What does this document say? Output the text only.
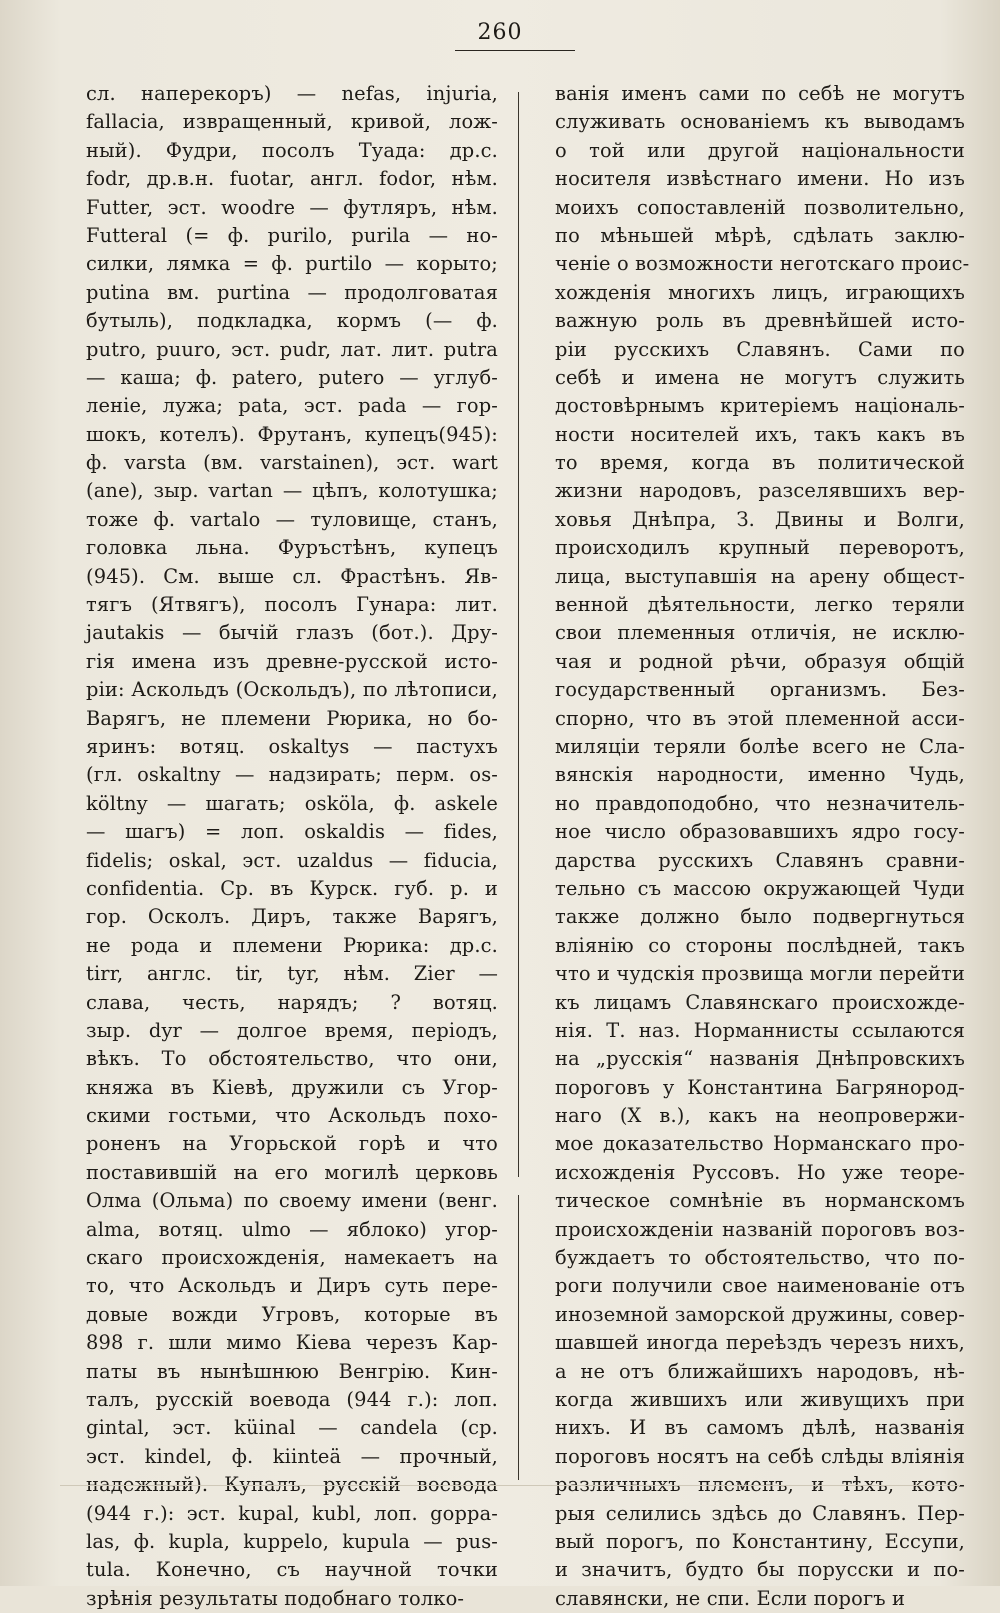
260
сл. наперекоръ) — nefas, injuria,
fallacia, извращенный, кривой, лож-
ный). Фудри, посолъ Туада: др.с.
fodr, др.в.н. fuotar, англ. fodor, нѣм.
Futter, эст. woodre — футляръ, нѣм.
Futteral (= ф. purilo, purila — но-
силки, лямка = ф. purtilo — корыто;
putina вм. purtina — продолговатая
бутыль), подкладка, кормъ (— ф.
putro, puuro, эст. pudr, лат. лит. putra
— каша; ф. patero, putero — углуб-
леніе, лужа; pata, эст. pada — гор-
шокъ, котелъ). Фрутанъ, купецъ(945):
ф. varsta (вм. varstainen), эст. wart
(ane), зыр. vartan — цѣпъ, колотушка;
тоже ф. vartalo — туловище, станъ,
головка льна. Фуръстѣнъ, купецъ
(945). См. выше сл. Фрастѣнъ. Яв-
тягъ (Ятвягъ), посолъ Гунара: лит.
jautakis — бычій глазъ (бот.). Дру-
гія имена изъ древне-русской исто-
ріи: Аскольдъ (Оскольдъ), по лѣтописи,
Варягъ, не племени Рюрика, но бо-
яринъ: вотяц. oskaltys — пастухъ
(гл. oskaltny — надзирать; перм. os-
költny — шагать; osköla, ф. askele
— шагъ) = лоп. oskaldis — fides,
fidelis; oskal, эст. uzaldus — fiducia,
confidentia. Ср. въ Курск. губ. р. и
гор. Осколъ. Диръ, также Варягъ,
не рода и племени Рюрика: др.с.
tirr, англс. tir, tyr, нѣм. Zier —
слава, честь, нарядъ; ? вотяц.
зыр. dyr — долгое время, періодъ,
вѣкъ. То обстоятельство, что они,
княжа въ Кіевѣ, дружили съ Угор-
скими гостьми, что Аскольдъ похо-
роненъ на Угорьской горѣ и что
поставившій на его могилѣ церковь
Олма (Ольма) по своему имени (венг.
alma, вотяц. ulmo — яблоко) угор-
скаго происхожденія, намекаетъ на
то, что Аскольдъ и Диръ суть пере-
довые вожди Угровъ, которые въ
898 г. шли мимо Кіева черезъ Кар-
паты въ нынѣшнюю Венгрію. Кин-
талъ, русскій воевода (944 г.): лоп.
gintal, эст. küinal — candela (ср.
эст. kindel, ф. kiinteä — прочный,
надежный). Купалъ, русскій воевода
(944 г.): эст. kupal, kubl, лоп. goppa-
las, ф. kupla, kuppelo, kupula — pus-
tula. Конечно, съ научной точки
зрѣнія результаты подобнаго толко-
ванія именъ сами по себѣ не могутъ
служивать основаніемъ къ выводамъ
о той или другой національности
носителя извѣстнаго имени. Но изъ
моихъ сопоставленій позволительно,
по мѣньшей мѣрѣ, сдѣлать заклю-
ченіе о возможности неготскаго проис-
хожденія многихъ лицъ, играющихъ
важную роль въ древнѣйшей исто-
ріи русскихъ Славянъ. Сами по
себѣ и имена не могутъ служить
достовѣрнымъ критеріемъ національ-
ности носителей ихъ, такъ какъ въ
то время, когда въ политической
жизни народовъ, разселявшихъ вер-
ховья Днѣпра, З. Двины и Волги,
происходилъ крупный переворотъ,
лица, выступавшія на арену общест-
венной дѣятельности, легко теряли
свои племенныя отличія, не исклю-
чая и родной рѣчи, образуя общій
государственный организмъ. Без-
спорно, что въ этой племенной асси-
миляціи теряли болѣе всего не Сла-
вянскія народности, именно Чудь,
но правдоподобно, что незначитель-
ное число образовавшихъ ядро госу-
дарства русскихъ Славянъ сравни-
тельно съ массою окружающей Чуди
также должно было подвергнуться
вліянію со стороны послѣдней, такъ
что и чудскія прозвища могли перейти
къ лицамъ Славянскаго происхожде-
нія. Т. наз. Норманнисты ссылаются
на „русскія“ названія Днѣпровскихъ
пороговъ у Константина Багрянород-
наго (X в.), какъ на неопровержи-
мое доказательство Норманскаго про-
исхожденія Руссовъ. Но уже теоре-
тическое сомнѣніе въ норманскомъ
происхожденіи названій пороговъ воз-
буждаетъ то обстоятельство, что по-
роги получили свое наименованіе отъ
иноземной заморской дружины, совер-
шавшей иногда переѣздъ черезъ нихъ,
а не отъ ближайшихъ народовъ, нѣ-
когда жившихъ или живущихъ при
нихъ. И въ самомъ дѣлѣ, названія
пороговъ носятъ на себѣ слѣды вліянія
различныхъ племенъ, и тѣхъ, кото-
рыя селились здѣсь до Славянъ. Пер-
вый порогъ, по Константину, Ессупи,
и значитъ, будто бы порусски и по-
славянски, не спи. Если порогъ и
